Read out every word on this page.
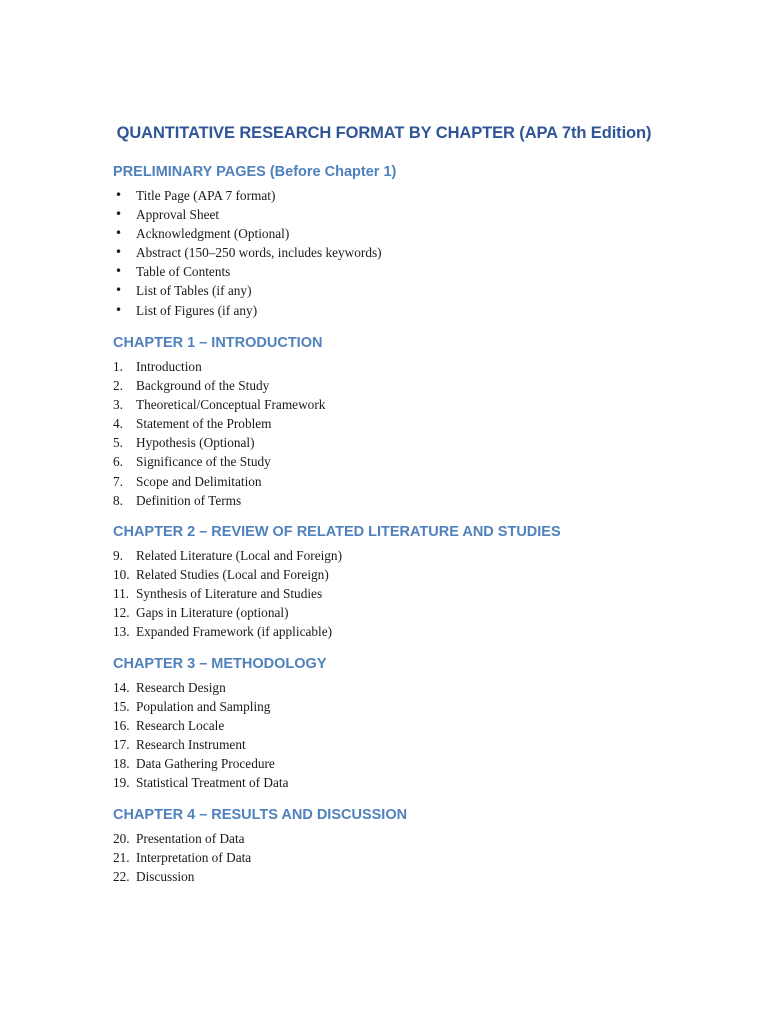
QUANTITATIVE RESEARCH FORMAT BY CHAPTER (APA 7th Edition)
PRELIMINARY PAGES (Before Chapter 1)
• Title Page (APA 7 format)
• Approval Sheet
• Acknowledgment (Optional)
• Abstract (150–250 words, includes keywords)
• Table of Contents
• List of Tables (if any)
• List of Figures (if any)
CHAPTER 1 – INTRODUCTION
1. Introduction
2. Background of the Study
3. Theoretical/Conceptual Framework
4. Statement of the Problem
5. Hypothesis (Optional)
6. Significance of the Study
7. Scope and Delimitation
8. Definition of Terms
CHAPTER 2 – REVIEW OF RELATED LITERATURE AND STUDIES
9. Related Literature (Local and Foreign)
10. Related Studies (Local and Foreign)
11. Synthesis of Literature and Studies
12. Gaps in Literature (optional)
13. Expanded Framework (if applicable)
CHAPTER 3 – METHODOLOGY
14. Research Design
15. Population and Sampling
16. Research Locale
17. Research Instrument
18. Data Gathering Procedure
19. Statistical Treatment of Data
CHAPTER 4 – RESULTS AND DISCUSSION
20. Presentation of Data
21. Interpretation of Data
22. Discussion
